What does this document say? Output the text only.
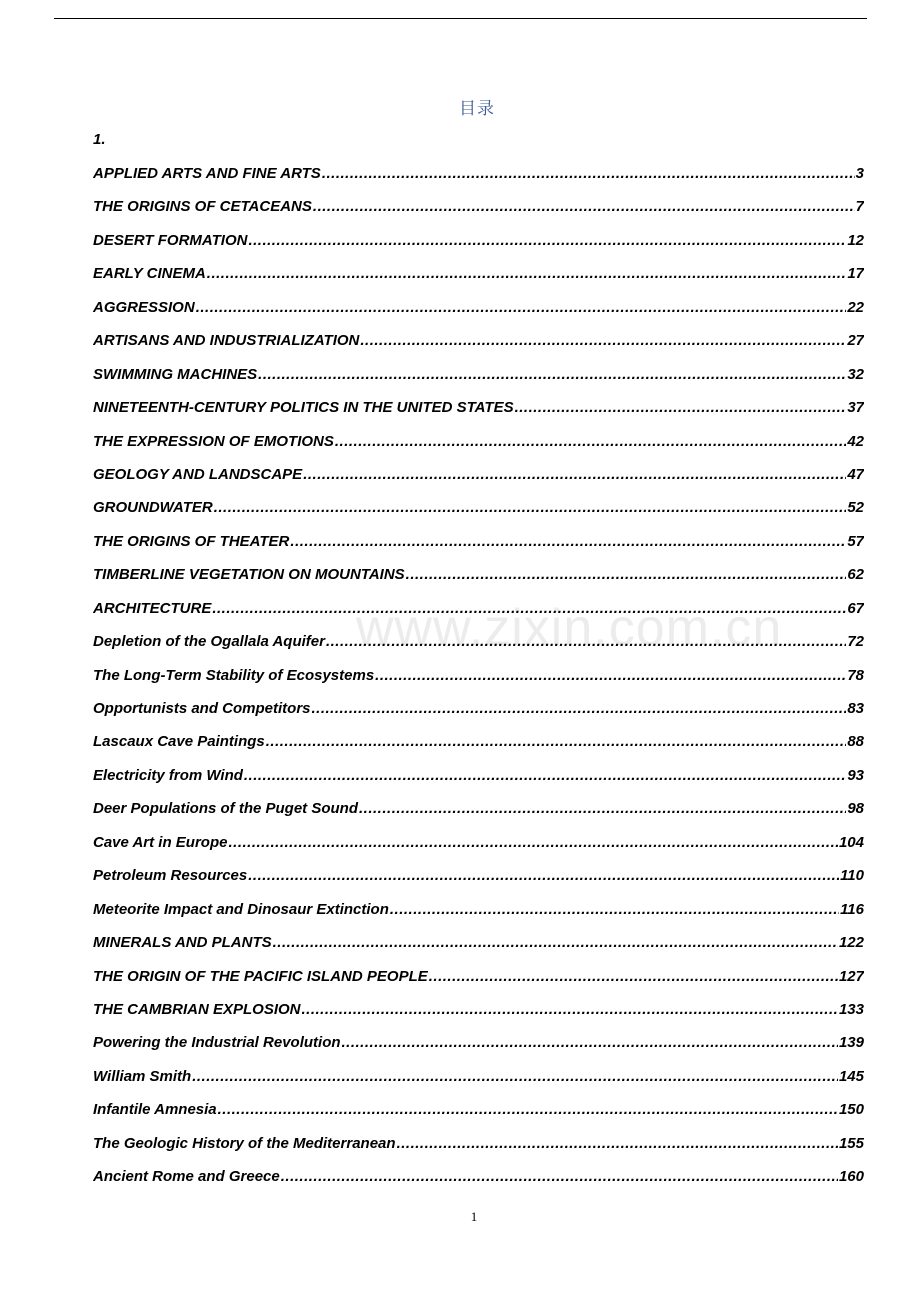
目录
1.
www.zixin.com.cn
APPLIED ARTS AND FINE ARTS .....	3
THE ORIGINS OF CETACEANS .....	7
DESERT FORMATION .....	12
EARLY CINEMA .....	17
AGGRESSION .....	22
ARTISANS AND INDUSTRIALIZATION .....	27
SWIMMING MACHINES .....	32
NINETEENTH-CENTURY POLITICS IN THE UNITED STATES .....	37
THE EXPRESSION OF EMOTIONS .....	42
GEOLOGY AND LANDSCAPE .....	47
GROUNDWATER .....	52
THE ORIGINS OF THEATER .....	57
TIMBERLINE VEGETATION ON MOUNTAINS .....	62
ARCHITECTURE .....	67
Depletion of the Ogallala Aquifer .....	72
The Long-Term Stability of Ecosystems .....	78
Opportunists and Competitors .....	83
Lascaux Cave Paintings .....	88
Electricity from Wind .....	93
Deer Populations of the Puget Sound .....	98
Cave Art in Europe .....	104
Petroleum Resources .....	110
Meteorite Impact and Dinosaur Extinction .....	116
MINERALS AND PLANTS .....	122
THE ORIGIN OF THE PACIFIC ISLAND PEOPLE .....	127
THE CAMBRIAN EXPLOSION .....	133
Powering the Industrial Revolution .....	139
William Smith .....	145
Infantile Amnesia .....	150
The Geologic History of the Mediterranean .....	155
Ancient Rome and Greece .....	160
1
